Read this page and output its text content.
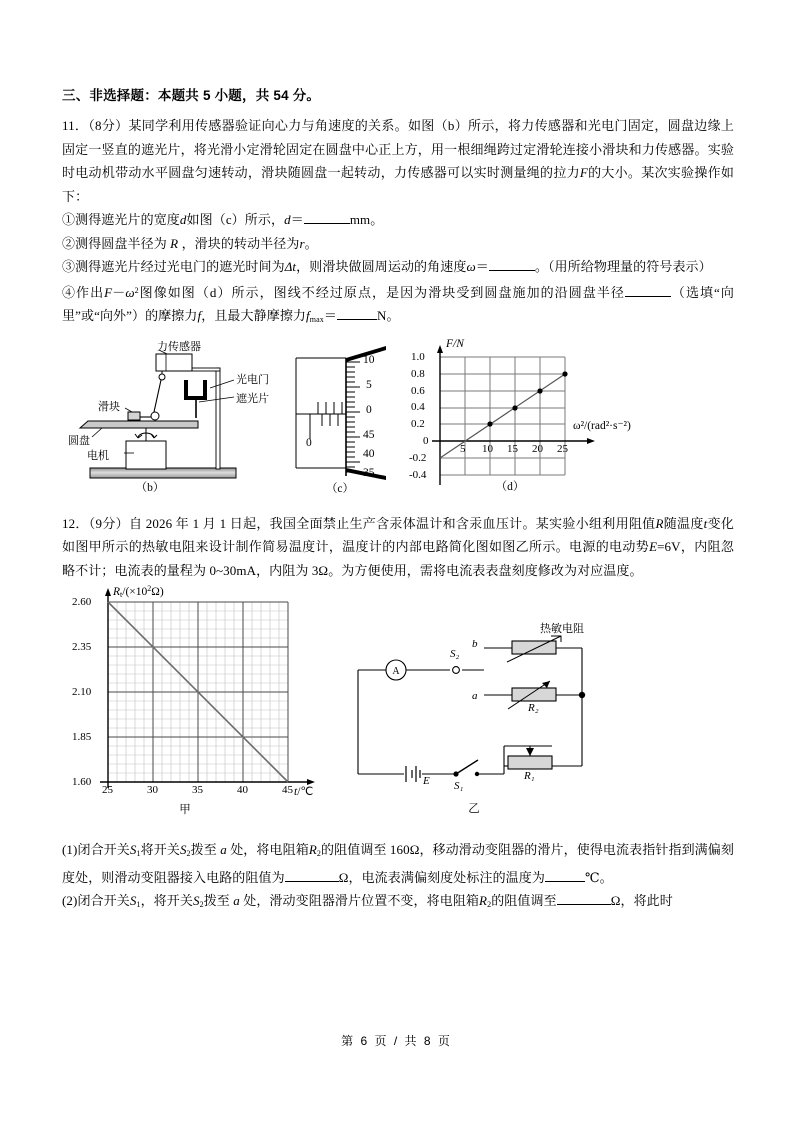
三、非选择题：本题共 5 小题，共 54 分。

11．（8分）某同学利用传感器验证向心力与角速度的关系。如图（b）所示，将力传感器和光电门固定，圆盘边缘上固定一竖直的遮光片，将光滑小定滑轮固定在圆盘中心正上方，用一根细绳跨过定滑轮连接小滑块和力传感器。实验时电动机带动水平圆盘匀速转动，滑块随圆盘一起转动，力传感器可以实时测量绳的拉力F的大小。某次实验操作如下：

①测得遮光片的宽度d如图（c）所示，d＝	mm。

②测得圆盘半径为 R ，滑块的转动半径为r。

③测得遮光片经过光电门的遮光时间为Δt，则滑块做圆周运动的角速度ω＝	。（用所给物理量的符号表示）

④作出$F-\omega^2$图像如图（d）所示，图线不经过原点，是因为滑块受到圆盘施加的沿圆盘半径	（选填“向里”或“向外”）的摩擦力f，且最大静摩擦力$f_{max}=$	N。

力传感器
光电门
遮光片
滑块
圆盘
电机
（b）
10
5
0
45
40
35
0
（c）
1.0
0.8
0.6
0.4
0.2
0
-0.2
-0.4
5 10 15 20 25
F/N
ω²/(rad²·s⁻²)
（d）

12．（9分）自 2026 年 1 月 1 日起，我国全面禁止生产含汞体温计和含汞血压计。某实验小组利用阻值R随温度t变化如图甲所示的热敏电阻来设计制作简易温度计，温度计的内部电路简化图如图乙所示。电源的电动势E=6V，内阻忽略不计；电流表的量程为 0~30mA，内阻为 3Ω。为方便使用，需将电流表表盘刻度修改为对应温度。

2.60
2.35
2.10
1.85
1.60
25	30	35	40	45
$R_t/(\times 10^2\Omega)$
t/℃
甲
A
热敏电阻
b
a
S₂
S₁
R₂
R₁
E
乙

(1)闭合开关$S_1$将开关$S_2$拨至 a 处，将电阻箱$R_2$的阻值调至 160Ω，移动滑动变阻器的滑片，使得电流表指针指到满偏刻度处，则滑动变阻器接入电路的阻值为	Ω，电流表满偏刻度处标注的温度为	℃。

(2)闭合开关$S_1$，将开关$S_2$拨至 a 处，滑动变阻器滑片位置不变，将电阻箱$R_2$的阻值调至	Ω，将此时

第 6 页 / 共 8 页
